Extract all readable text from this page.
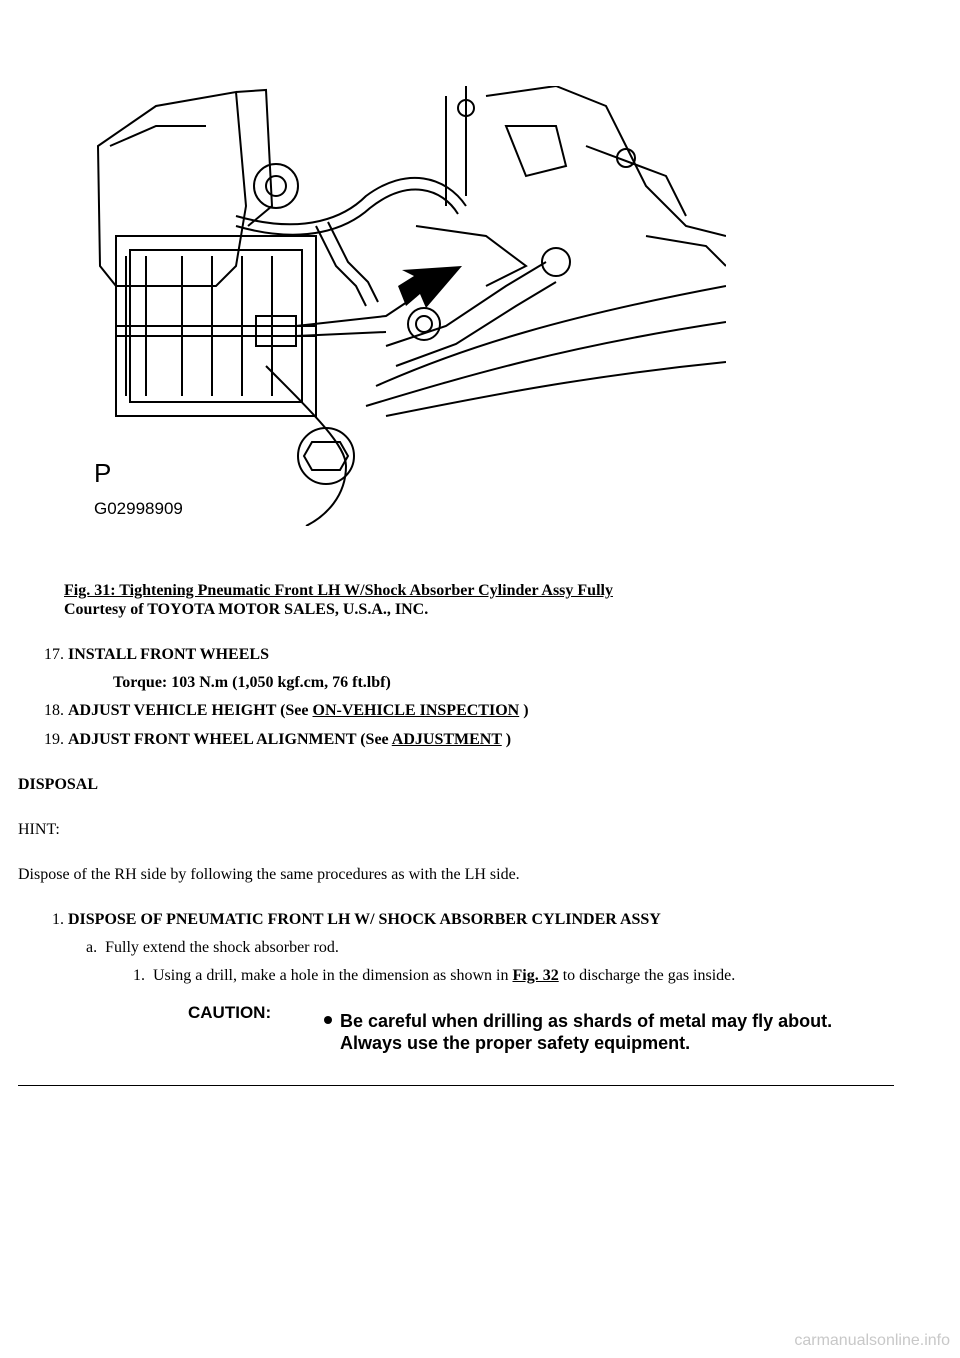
P
G02998909
Fig. 31: Tightening Pneumatic Front LH W/Shock Absorber Cylinder Assy Fully
Courtesy of TOYOTA MOTOR SALES, U.S.A., INC.
17. INSTALL FRONT WHEELS
Torque: 103 N.m (1,050 kgf.cm, 76 ft.lbf)
18. ADJUST VEHICLE HEIGHT (See ON-VEHICLE INSPECTION )
19. ADJUST FRONT WHEEL ALIGNMENT (See ADJUSTMENT )
DISPOSAL
HINT:
Dispose of the RH side by following the same procedures as with the LH side.
1. DISPOSE OF PNEUMATIC FRONT LH W/ SHOCK ABSORBER CYLINDER ASSY
a. Fully extend the shock absorber rod.
1. Using a drill, make a hole in the dimension as shown in Fig. 32 to discharge the gas inside.
CAUTION:	Be careful when drilling as shards of metal may fly about.
Always use the proper safety equipment.
carmanualsonline.info
